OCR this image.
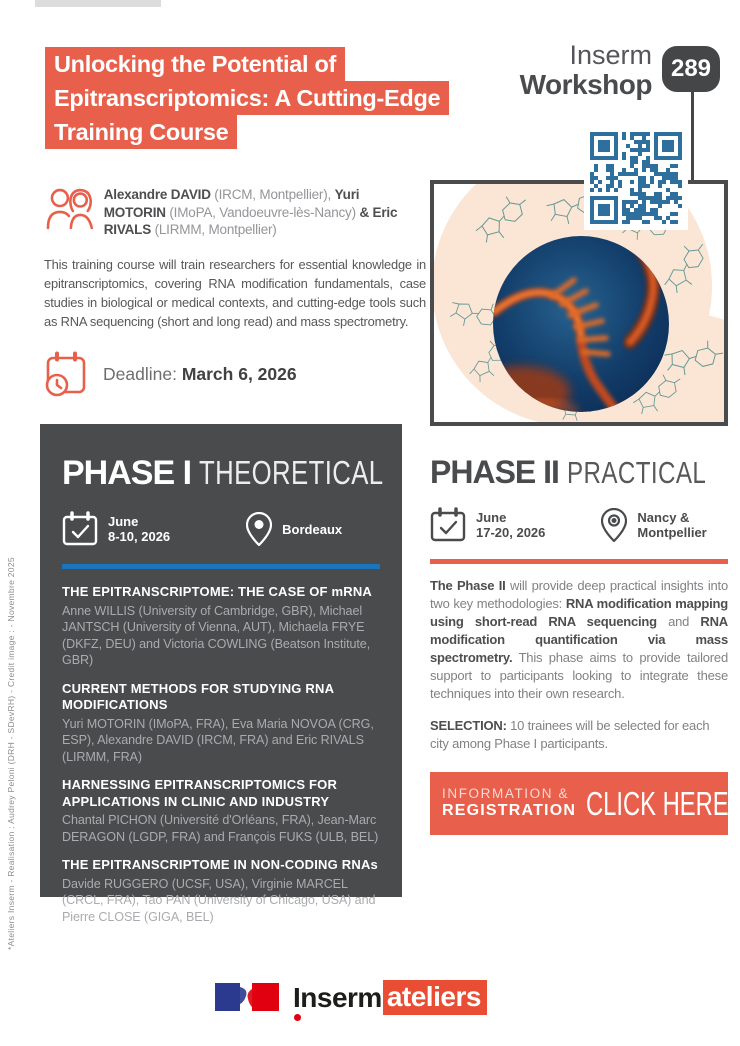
Unlocking the Potential of
Epitranscriptomics: A Cutting-Edge
Training Course
Inserm
Workshop
289

Alexandre DAVID (IRCM, Montpellier), Yuri MOTORIN (IMoPA, Vandoeuvre-lès-Nancy) & Eric RIVALS (LIRMM, Montpellier)

This training course will train researchers for essential knowledge in epitranscriptomics, covering RNA modification fundamentals, case studies in biological or medical contexts, and cutting-edge tools such as RNA sequencing (short and long read) and mass spectrometry.

Deadline: March 6, 2026
PHASE I THEORETICAL
June
8-10, 2026	Bordeaux
THE EPITRANSCRIPTOME: THE CASE OF mRNA

Anne WILLIS (University of Cambridge, GBR), Michael JANTSCH (University of Vienna, AUT), Michaela FRYE (DKFZ, DEU) and Victoria COWLING (Beatson Institute, GBR)

CURRENT METHODS FOR STUDYING RNA MODIFICATIONS

Yuri MOTORIN (IMoPA, FRA), Eva Maria NOVOA (CRG, ESP), Alexandre DAVID (IRCM, FRA) and Eric RIVALS (LIRMM, FRA)

HARNESSING EPITRANSCRIPTOMICS FOR APPLICATIONS IN CLINIC AND INDUSTRY

Chantal PICHON (Université d'Orléans, FRA), Jean-Marc DERAGON (LGDP, FRA) and François FUKS (ULB, BEL)

THE EPITRANSCRIPTOME IN NON-CODING RNAs

Davide RUGGERO (UCSF, USA), Virginie MARCEL (CRCL, FRA), Tao PAN (University of Chicago, USA) and Pierre CLOSE (GIGA, BEL)

PHASE II PRACTICAL
June
17-20, 2026
Nancy &
Montpellier

The Phase II will provide deep practical insights into two key methodologies: RNA modification mapping using short-read RNA sequencing and RNA modification quantification via mass spectrometry. This phase aims to provide tailored support to participants looking to integrate these techniques into their own research.

SELECTION: 10 trainees will be selected for each city among Phase I participants.

INFORMATION &
REGISTRATION CLICK HERE
*Ateliers Inserm - Realisation : Audrey Peloni (DRH - SDevRH) - Credit image : - Novembre 2025
Inserm ateliers
